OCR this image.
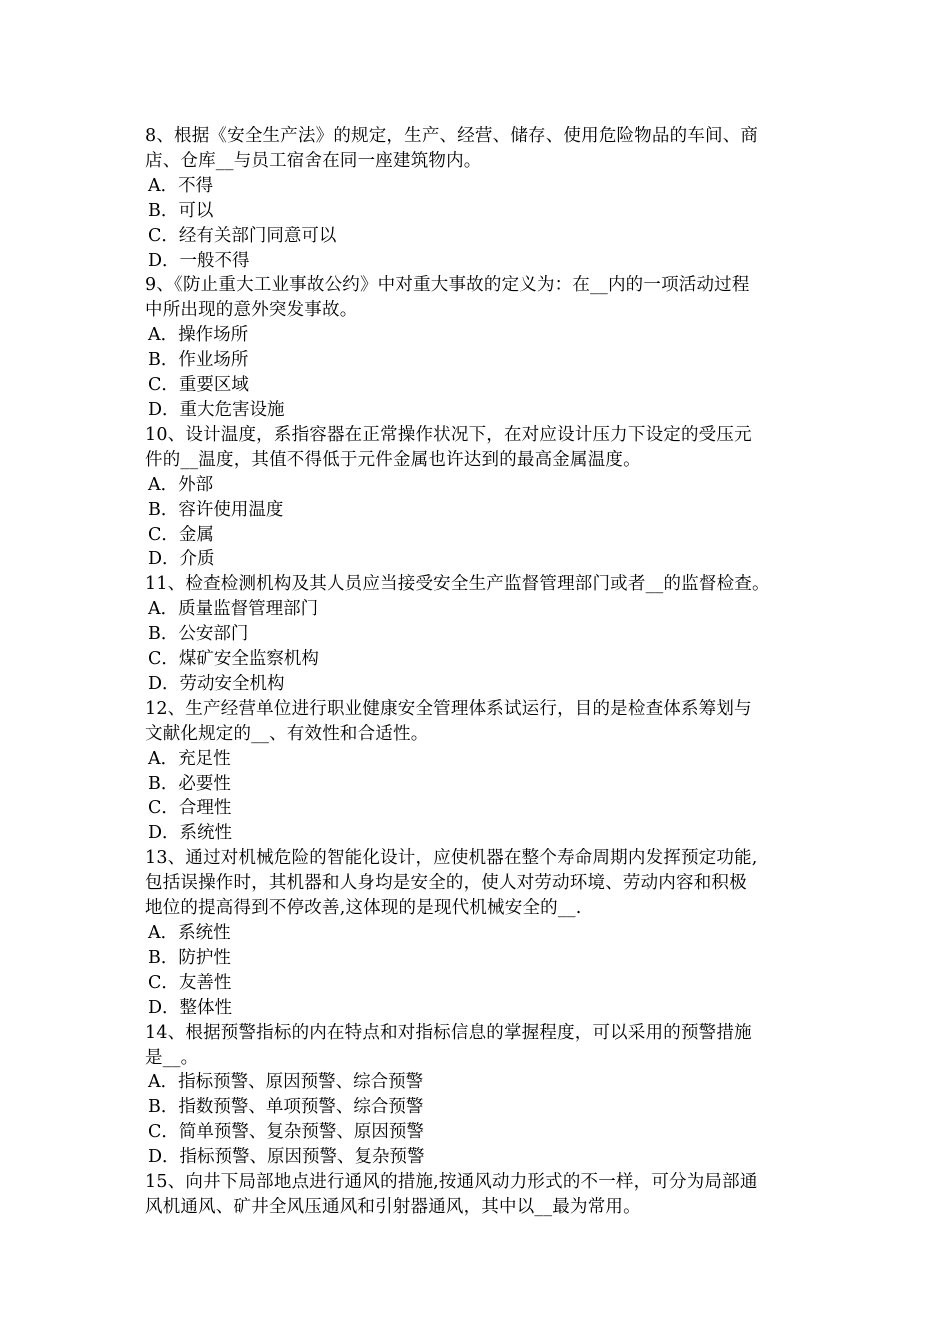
8、根据《安全生产法》的规定，生产、经营、储存、使用危险物品的车间、商
店、仓库__与员工宿舍在同一座建筑物内。
A．不得
B．可以
C．经有关部门同意可以
D．一般不得
9、《防止重大工业事故公约》中对重大事故的定义为：在__内的一项活动过程
中所出现的意外突发事故。
A．操作场所
B．作业场所
C．重要区域
D．重大危害设施
10、设计温度，系指容器在正常操作状况下，在对应设计压力下设定的受压元
件的__温度，其值不得低于元件金属也许达到的最高金属温度。
A．外部
B．容许使用温度
C．金属
D．介质
11、检查检测机构及其人员应当接受安全生产监督管理部门或者__的监督检查。
A．质量监督管理部门
B．公安部门
C．煤矿安全监察机构
D．劳动安全机构
12、生产经营单位进行职业健康安全管理体系试运行，目的是检查体系筹划与
文献化规定的__、有效性和合适性。
A．充足性
B．必要性
C．合理性
D．系统性
13、通过对机械危险的智能化设计，应使机器在整个寿命周期内发挥预定功能,
包括误操作时，其机器和人身均是安全的，使人对劳动环境、劳动内容和积极
地位的提高得到不停改善,这体现的是现代机械安全的__.
A．系统性
B．防护性
C．友善性
D．整体性
14、根据预警指标的内在特点和对指标信息的掌握程度，可以采用的预警措施
是__。
A．指标预警、原因预警、综合预警
B．指数预警、单项预警、综合预警
C．简单预警、复杂预警、原因预警
D．指标预警、原因预警、复杂预警
15、向井下局部地点进行通风的措施,按通风动力形式的不一样，可分为局部通
风机通风、矿井全风压通风和引射器通风，其中以__最为常用。
